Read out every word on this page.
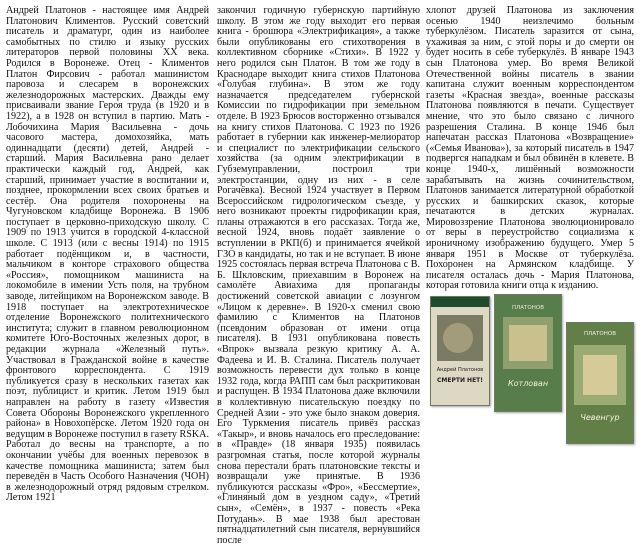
Андрей Платонов - настоящее имя Андрей Платонович Климентов. Русский советский писатель и драматург, один из наиболее самобытных по стилю и языку русских литераторов первой половины XX века. Родился в Воронеже. Отец - Климентов Платон Фирсович - работал машинистом паровоза и слесарем в воронежских железнодорожных мастерских. Дважды ему присваивали звание Героя труда (в 1920 и в 1922), а в 1928 он вступил в партию. Мать - Лобочихина Мария Васильевна - дочь часового мастера, домохозяйка, мать одиннадцати (десяти) детей, Андрей - старший. Мария Васильевна рано делает практически каждый год, Андрей, как старший, принимает участие в воспитании и, позднее, прокормлении всех своих братьев и сестёр. Она родителя похоронены на Чугуновском кладбище Воронежа. В 1906 поступает в церковно-приходскую школу. С 1909 по 1913 учится в городской 4-классной школе. С 1913 (или с весны 1914) по 1915 работает подёнщиком и, в частности, мальчиком в конторе страхового общества «Россия», помощником машиниста на локомобиле в имении Усть поля, на трубном заводе, литейщиком на Воронежском заводе. В 1918 поступает на электротехническое отделение Воронежского политехнического института; служит в главном революционном комитете Юго-Восточных железных дорог, в редакции журнала «Железный путь». Участвовал в Гражданской войне в качестве фронтового корреспондента. С 1919 публикуется сразу в нескольких газетах как поэт, публицист и критик. Летом 1919 был направлен на работу в газету «Известия Совета Обороны Воронежского укрепленного района» в Новохопёрске. Летом 1920 года он ведущим в Воронеже поступил в газету RSKA. Работал до весны на транспорте, а по окончании учёбы для военных перевозок в качестве помощника машиниста; затем был переведён в Часть Особого Назначения (ЧОН) в железнодорожный отряд рядовым стрелком. Летом 1921

закончил годичную губернскую партийную школу. В этом же году выходит его первая книга - брошюра «Электрификация», а также были опубликованы его стихотворения в коллективном сборнике «Стихи». В 1922 у него родился сын Платон. В том же году в Краснодаре выходит книга стихов Платонова «Голубая глубина». В этом же году назначается председателем губернской Комиссии по гидрофикации при земельном отделе. В 1923 Брюсов восторженно отзывался на книгу стихов Платонова. С 1923 по 1926 работает в губернии как инженер-мелиоратор и специалист по электрификации сельского хозяйства (за одним электрификации в Губземуправлении, построил три электростанции, одну из них - в селе Рогачёвка). Весной 1924 участвует в Первом Всероссийском гидрологическом съезде, у него возникают проекты гидрофикации края, планы отражаются в его рассказах. Тогда же, весной 1924, вновь подаёт заявление о вступлении в РКП(б) и принимается ячейкой ГЗО в кандидаты, но так и не вступает. В июне 1925 состоялась первая встреча Платонова с В. Б. Шкловским, приехавшим в Воронеж на самолёте Авиахима для пропаганды достижений советской авиации с лозунгом «Лицом к деревне». В 1920-х сменил свою фамилию с Климентов на Платонов (псевдоним образован от имени отца писателя). В 1931 опубликована повесть «Впрок» вызвала резкую критику А. А. Фадеева и И. В. Сталина. Писатель получает возможность перевести дух только в конце 1932 года, когда РАПП сам был раскритикован и распущен. В 1934 Платонова даже включили в коллективную писательскую поездку по Средней Азии - это уже было знаком доверия. Его Туркмения писатель привёз рассказ «Такыр», и вновь началось его преследование: в «Правде» (18 января 1935) появилась разгромная статья, после которой журналы снова перестали брать платоновские тексты и возвращали уже принятые. В 1936 публикуются рассказы «Фро», «Бессмертие», «Глиняный дом в уездном саду», «Третий сын», «Семён», в 1937 - повесть «Река Потудань». В мае 1938 был арестован пятнадцатилетний сын писателя, вернувшийся после

хлопот друзей Платонова из заключения осенью 1940 неизлечимо больным туберкулёзом. Писатель заразится от сына, ухаживая за ним, с этой поры и до смерти он будет носить в себе туберкулёз. В январе 1943 сын Платонова умер. Во время Великой Отечественной войны писатель в звании капитана служит военным корреспондентом газеты «Красная звезда», военные рассказы Платонова появляются в печати. Существует мнение, что это было связано с личного разрешения Сталина. В конце 1946 был напечатан рассказ Платонова «Возвращение» («Семья Иванова»), за который писатель в 1947 подвергся нападкам и был обвинён в клевете. В конце 1940-х, лишённый возможности зарабатывать на жизнь сочинительством, Платонов занимается литературной обработкой русских и башкирских сказок, которые печатаются в детских журналах. Мировоззрение Платонова эволюционировало от веры в переустройство социализма к ироничному изображению будущего. Умер 5 января 1951 в Москве от туберкулёза. Похоронен на Армянском кладбище. У писателя осталась дочь - Мария Платонова, которая готовила книги отца к изданию.

Андрей Платонов
СМЕРТИ НЕТ!
ПЛАТОНОВ
Котлован
ПЛАТОНОВ
Чевенгур
